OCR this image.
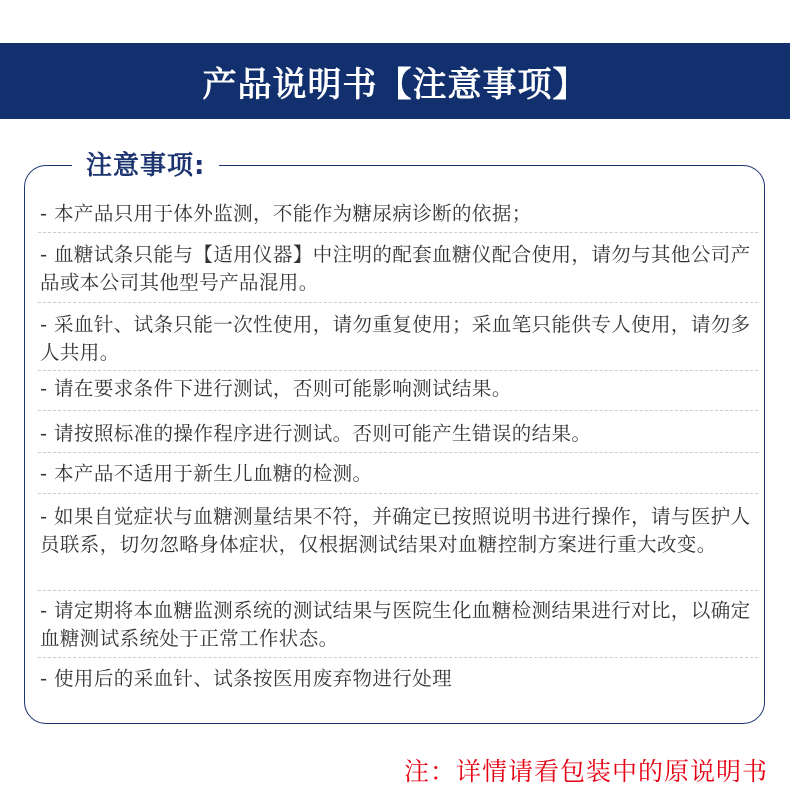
产品说明书【注意事项】
注意事项:
- 本产品只用于体外监测，不能作为糖尿病诊断的依据；
- 血糖试条只能与【适用仪器】中注明的配套血糖仪配合使用，请勿与其他公司产品或本公司其他型号产品混用。
- 采血针、试条只能一次性使用，请勿重复使用；采血笔只能供专人使用，请勿多人共用。
- 请在要求条件下进行测试，否则可能影响测试结果。
- 请按照标准的操作程序进行测试。否则可能产生错误的结果。
- 本产品不适用于新生儿血糖的检测。
- 如果自觉症状与血糖测量结果不符，并确定已按照说明书进行操作，请与医护人员联系，切勿忽略身体症状，仅根据测试结果对血糖控制方案进行重大改变。
- 请定期将本血糖监测系统的测试结果与医院生化血糖检测结果进行对比，以确定血糖测试系统处于正常工作状态。
- 使用后的采血针、试条按医用废弃物进行处理
注：详情请看包装中的原说明书
